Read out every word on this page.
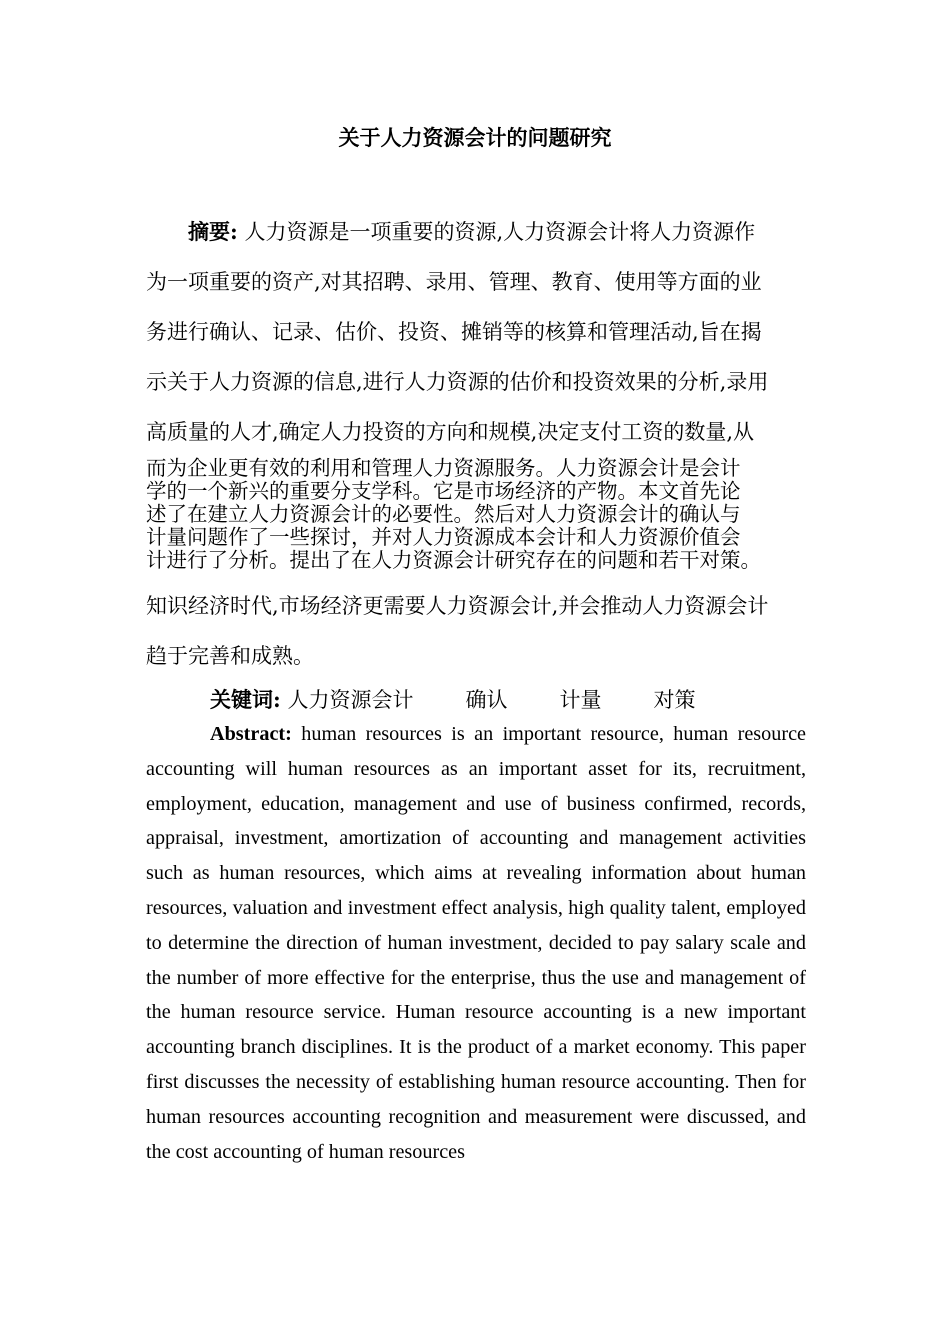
关于人力资源会计的问题研究
摘要: 人力资源是一项重要的资源,人力资源会计将人力资源作
为一项重要的资产,对其招聘、录用、管理、教育、使用等方面的业
务进行确认、记录、估价、投资、摊销等的核算和管理活动,旨在揭
示关于人力资源的信息,进行人力资源的估价和投资效果的分析,录用
高质量的人才,确定人力投资的方向和规模,决定支付工资的数量,从
而为企业更有效的利用和管理人力资源服务。人力资源会计是会计
学的一个新兴的重要分支学科。它是市场经济的产物。本文首先论
述了在建立人力资源会计的必要性。然后对人力资源会计的确认与
计量问题作了一些探讨，并对人力资源成本会计和人力资源价值会
计进行了分析。提出了在人力资源会计研究存在的问题和若干对策。
知识经济时代,市场经济更需要人力资源会计,并会推动人力资源会计
趋于完善和成熟。
关键词: 人力资源会计 确认 计量 对策

Abstract: human resources is an important resource, human resource accounting will human resources as an important asset for its, recruitment, employment, education, management and use of business confirmed, records, appraisal, investment, amortization of accounting and management activities such as human resources, which aims at revealing information about human resources, valuation and investment effect analysis, high quality talent, employed to determine the direction of human investment, decided to pay salary scale and the number of more effective for the enterprise, thus the use and management of the human resource service. Human resource accounting is a new important accounting branch disciplines. It is the product of a market economy. This paper first discusses the necessity of establishing human resource accounting. Then for human resources accounting recognition and measurement were discussed, and the cost accounting of human resources
